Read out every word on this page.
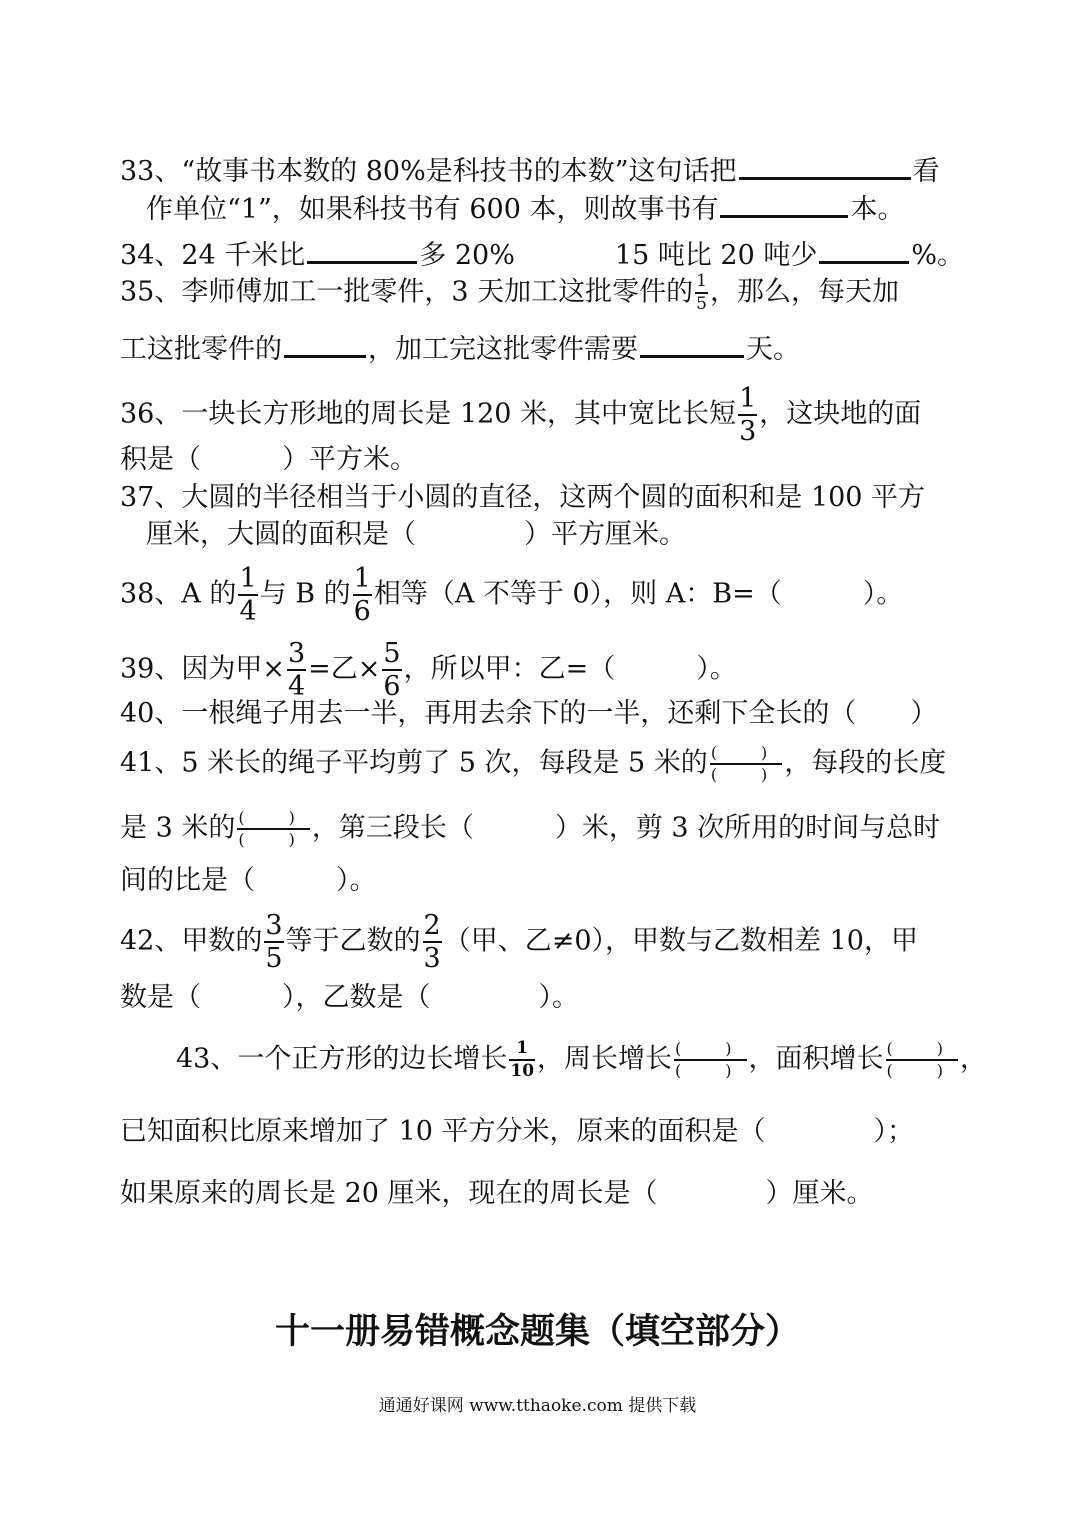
33、“故事书本数的 80%是科技书的本数”这句话把	看
作单位“1”，如果科技书有 600 本，则故事书有	本。
34、24 千米比	多 20%	15 吨比 20 吨少	%。
35、李师傅加工一批零件，3 天加工这批零件的 $\frac{1}{5}$ ，那么，每天加
工这批零件的	，加工完这批零件需要	天。
36、一块长方形地的周长是 120 米，其中宽比长短 $\frac{1}{3}$ ，这块地的面
积是（　　　）平方米。
37、大圆的半径相当于小圆的直径，这两个圆的面积和是 100 平方
厘米，大圆的面积是（　　　　）平方厘米。
38、A 的 $\frac{1}{4}$ 与 B 的 $\frac{1}{6}$ 相等（A 不等于 0），则 A：B=（　　　）。
39、因为甲× $\frac{3}{4}$ =乙× $\frac{5}{6}$ ，所以甲：乙=（　　　）。
40、一根绳子用去一半，再用去余下的一半，还剩下全长的（　　）
41、5 米长的绳子平均剪了 5 次，每段是 5 米的 $\frac{( )}{( )}$ ，每段的长度
是 3 米的 $\frac{( )}{( )}$ ，第三段长（　　　）米，剪 3 次所用的时间与总时
间的比是（　　　）。
42、甲数的 $\frac{3}{5}$ 等于乙数的 $\frac{2}{3}$ （甲、乙≠0），甲数与乙数相差 10，甲
数是（　　　），乙数是（　　　　）。
43、一个正方形的边长增长 $\frac{1}{10}$ ，周长增长 $\frac{( )}{( )}$ ，面积增长 $\frac{( )}{( )}$ ，
已知面积比原来增加了 10 平方分米，原来的面积是（　　　　）；
如果原来的周长是 20 厘米，现在的周长是（　　　　）厘米。
十一册易错概念题集（填空部分）
通通好课网 www.tthaoke.com 提供下载
